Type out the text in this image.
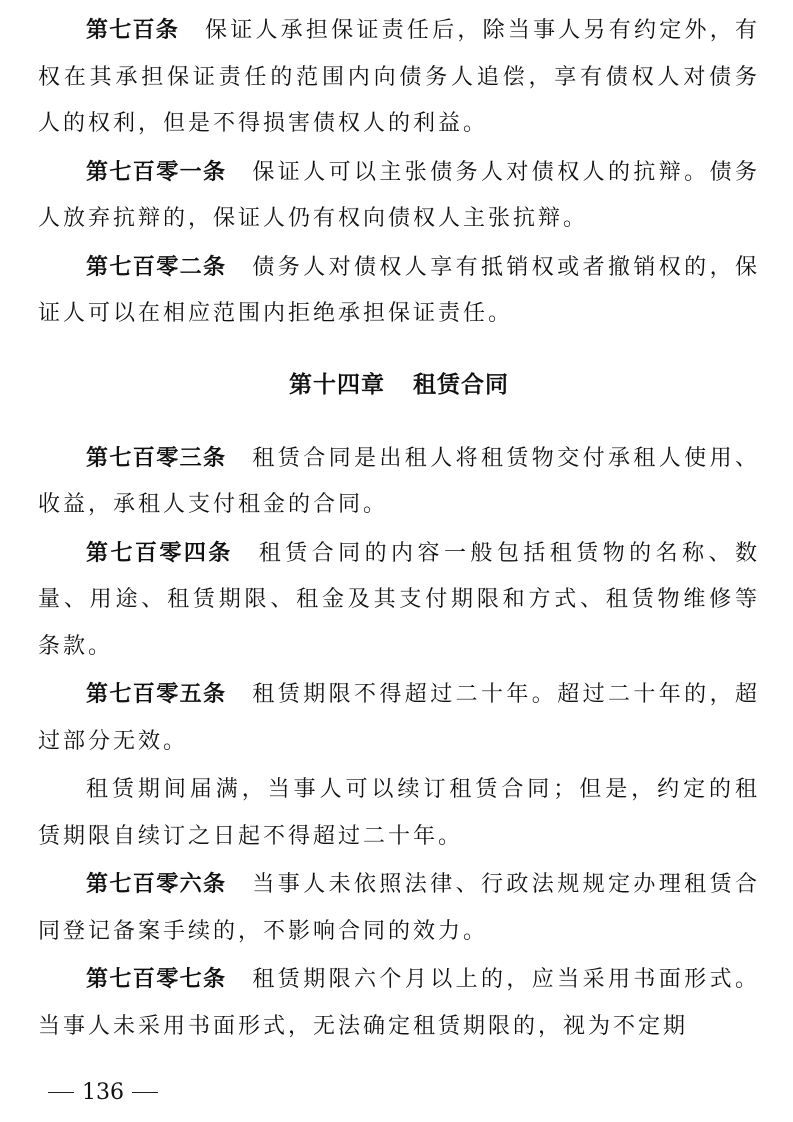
第七百条 保证人承担保证责任后，除当事人另有约定外，有权在其承担保证责任的范围内向债务人追偿，享有债权人对债务人的权利，但是不得损害债权人的利益。

第七百零一条 保证人可以主张债务人对债权人的抗辩。债务人放弃抗辩的，保证人仍有权向债权人主张抗辩。

第七百零二条 债务人对债权人享有抵销权或者撤销权的，保证人可以在相应范围内拒绝承担保证责任。

第十四章 租赁合同

第七百零三条 租赁合同是出租人将租赁物交付承租人使用、收益，承租人支付租金的合同。

第七百零四条 租赁合同的内容一般包括租赁物的名称、数量、用途、租赁期限、租金及其支付期限和方式、租赁物维修等条款。

第七百零五条 租赁期限不得超过二十年。超过二十年的，超过部分无效。

租赁期间届满，当事人可以续订租赁合同；但是，约定的租赁期限自续订之日起不得超过二十年。

第七百零六条 当事人未依照法律、行政法规规定办理租赁合同登记备案手续的，不影响合同的效力。

第七百零七条 租赁期限六个月以上的，应当采用书面形式。当事人未采用书面形式，无法确定租赁期限的，视为不定期

136
